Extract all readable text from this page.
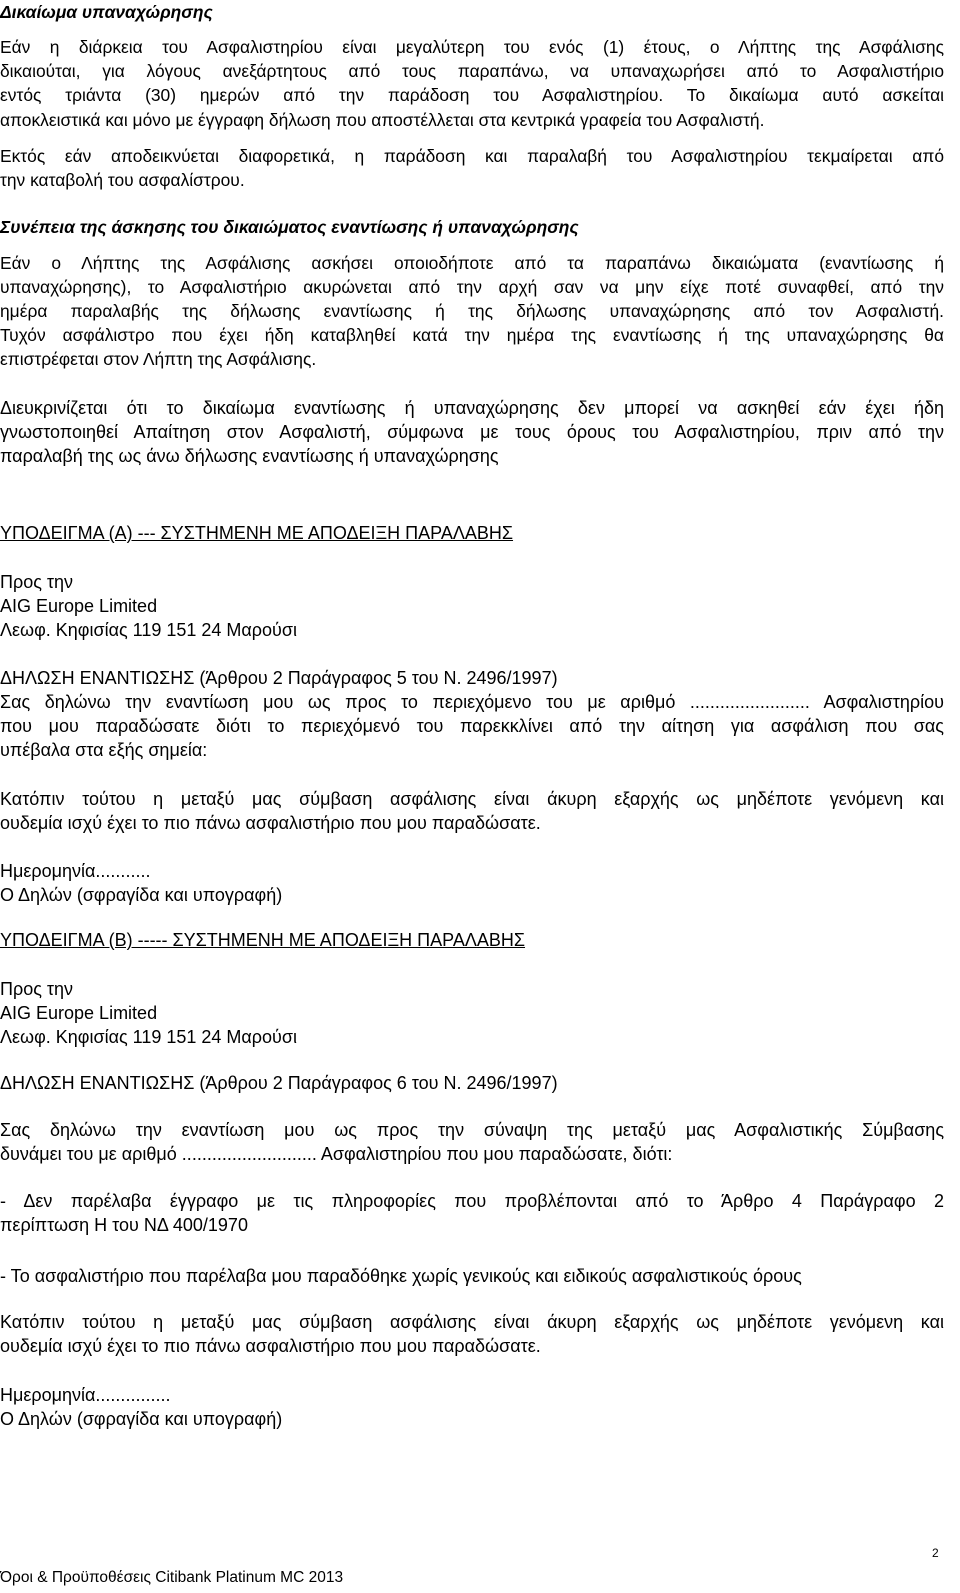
Δικαίωμα υπαναχώρησης
Εάν η διάρκεια του Ασφαλιστηρίου είναι μεγαλύτερη του ενός (1) έτους, ο Λήπτης της Ασφάλισης
δικαιούται, για λόγους ανεξάρτητους από τους παραπάνω, να υπαναχωρήσει από το Ασφαλιστήριο
εντός τριάντα (30) ημερών από την παράδοση του Ασφαλιστηρίου. Το δικαίωμα αυτό ασκείται
αποκλειστικά και μόνο με έγγραφη δήλωση που αποστέλλεται στα κεντρικά γραφεία του Ασφαλιστή.
Εκτός εάν αποδεικνύεται διαφορετικά, η παράδοση και παραλαβή του Ασφαλιστηρίου τεκμαίρεται από
την καταβολή του ασφαλίστρου.
Συνέπεια της άσκησης του δικαιώματος εναντίωσης ή υπαναχώρησης
Εάν ο Λήπτης της Ασφάλισης ασκήσει οποιοδήποτε από τα παραπάνω δικαιώματα (εναντίωσης ή
υπαναχώρησης), το Ασφαλιστήριο ακυρώνεται από την αρχή σαν να μην είχε ποτέ συναφθεί, από την
ημέρα παραλαβής της δήλωσης εναντίωσης ή της δήλωσης υπαναχώρησης από τον Ασφαλιστή.
Τυχόν ασφάλιστρο που έχει ήδη καταβληθεί κατά την ημέρα της εναντίωσης ή της υπαναχώρησης θα
επιστρέφεται στον Λήπτη της Ασφάλισης.
Διευκρινίζεται ότι το δικαίωμα εναντίωσης ή υπαναχώρησης δεν μπορεί να ασκηθεί εάν έχει ήδη
γνωστοποιηθεί Απαίτηση στον Ασφαλιστή, σύμφωνα με τους όρους του Ασφαλιστηρίου, πριν από την
παραλαβή της ως άνω δήλωσης εναντίωσης ή υπαναχώρησης
ΥΠΟΔΕΙΓΜΑ (Α) --- ΣΥΣΤΗΜΕΝΗ ΜΕ ΑΠΟΔΕΙΞΗ ΠΑΡΑΛΑΒΗΣ
Προς την
AIG Europe Limited
Λεωφ. Κηφισίας 119 151 24 Μαρούσι
ΔΗΛΩΣΗ ΕΝΑΝΤΙΩΣΗΣ (Άρθρου 2 Παράγραφος 5 του Ν. 2496/1997)
Σας δηλώνω την εναντίωση μου ως προς το περιεχόμενο του με αριθμό ........................ Ασφαλιστηρίου
που μου παραδώσατε διότι το περιεχόμενό του παρεκκλίνει από την αίτηση για ασφάλιση που σας
υπέβαλα στα εξής σημεία:
Κατόπιν τούτου η μεταξύ μας σύμβαση ασφάλισης είναι άκυρη εξαρχής ως μηδέποτε γενόμενη και
ουδεμία ισχύ έχει το πιο πάνω ασφαλιστήριο που μου παραδώσατε.
Ημερομηνία...........
Ο Δηλών (σφραγίδα και υπογραφή)
ΥΠΟΔΕΙΓΜΑ (Β) ----- ΣΥΣΤΗΜΕΝΗ ΜΕ ΑΠΟΔΕΙΞΗ ΠΑΡΑΛΑΒΗΣ
Προς την
AIG Europe Limited
Λεωφ. Κηφισίας 119 151 24 Μαρούσι
ΔΗΛΩΣΗ ΕΝΑΝΤΙΩΣΗΣ (Άρθρου 2 Παράγραφος 6 του Ν. 2496/1997)
Σας δηλώνω την εναντίωση μου ως προς την σύναψη της μεταξύ μας Ασφαλιστικής Σύμβασης
δυνάμει του με αριθμό ........................... Ασφαλιστηρίου που μου παραδώσατε, διότι:
- Δεν παρέλαβα έγγραφο με τις πληροφορίες που προβλέπονται από το Άρθρο 4 Παράγραφο 2
περίπτωση Η του ΝΔ 400/1970
- Το ασφαλιστήριο που παρέλαβα μου παραδόθηκε χωρίς γενικούς και ειδικούς ασφαλιστικούς όρους
Κατόπιν τούτου η μεταξύ μας σύμβαση ασφάλισης είναι άκυρη εξαρχής ως μηδέποτε γενόμενη και
ουδεμία ισχύ έχει το πιο πάνω ασφαλιστήριο που μου παραδώσατε.
Ημερομηνία...............
Ο Δηλών (σφραγίδα και υπογραφή)
2
Όροι & Προϋποθέσεις Citibank Platinum MC 2013
